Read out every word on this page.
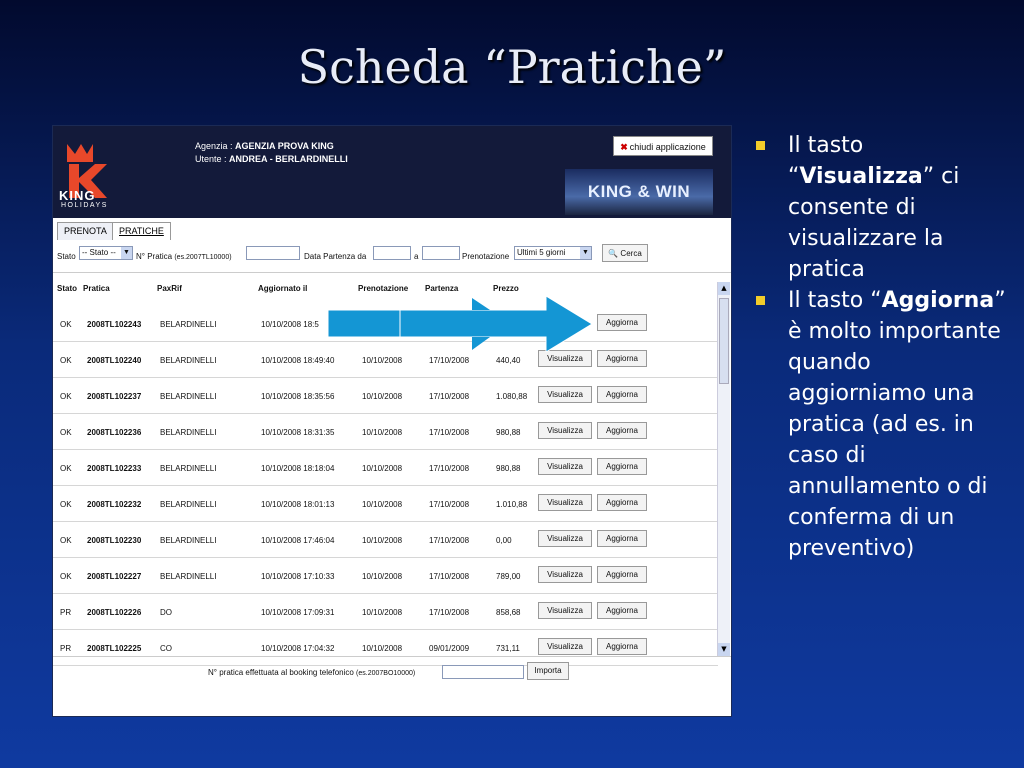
Scheda “Pratiche”
KING
HOLIDAYS
Agenzia : AGENZIA PROVA KING
Utente : ANDREA - BERLARDINELLI
✖ chiudi applicazione
KING & WIN
PRENOTA	PRATICHE
Stato -- Stato -- ▼ N° Pratica (es.2007TL10000)	Data Partenza da	a	Prenotazione Ultimi 5 giorni ▼	🔍 Cerca
Stato Pratica	PaxRif	Aggiornato il	Prenotazione Partenza	Prezzo
OK 2008TL102243 BELARDINELLI	10/10/2008 18:5	Aggiorna
OK 2008TL102240 BELARDINELLI	10/10/2008 18:49:40	10/10/2008	17/10/2008	440,40	Visualizza	Aggiorna
OK 2008TL102237 BELARDINELLI	10/10/2008 18:35:56	10/10/2008	17/10/2008	1.080,88	Visualizza	Aggiorna
OK 2008TL102236 BELARDINELLI	10/10/2008 18:31:35	10/10/2008	17/10/2008	980,88	Visualizza	Aggiorna
OK 2008TL102233 BELARDINELLI	10/10/2008 18:18:04	10/10/2008	17/10/2008	980,88	Visualizza	Aggiorna
OK 2008TL102232 BELARDINELLI	10/10/2008 18:01:13	10/10/2008	17/10/2008	1.010,88	Visualizza	Aggiorna
OK 2008TL102230 BELARDINELLI	10/10/2008 17:46:04	10/10/2008	17/10/2008	0,00	Visualizza	Aggiorna
OK 2008TL102227 BELARDINELLI	10/10/2008 17:10:33	10/10/2008	17/10/2008	789,00	Visualizza	Aggiorna
PR 2008TL102226 DO	10/10/2008 17:09:31	10/10/2008	17/10/2008	858,68	Visualizza	Aggiorna
PR 2008TL102225 CO	10/10/2008 17:04:32	10/10/2008	09/01/2009	731,11	Visualizza	Aggiorna
▲
▼
N° pratica effettuata al booking telefonico (es.2007BO10000)	Importa
Il tasto “Visualizza” ci consente di visualizzare la pratica
Il tasto “Aggiorna” è molto importante quando aggiorniamo una pratica (ad es. in caso di annullamento o di conferma di un preventivo)
